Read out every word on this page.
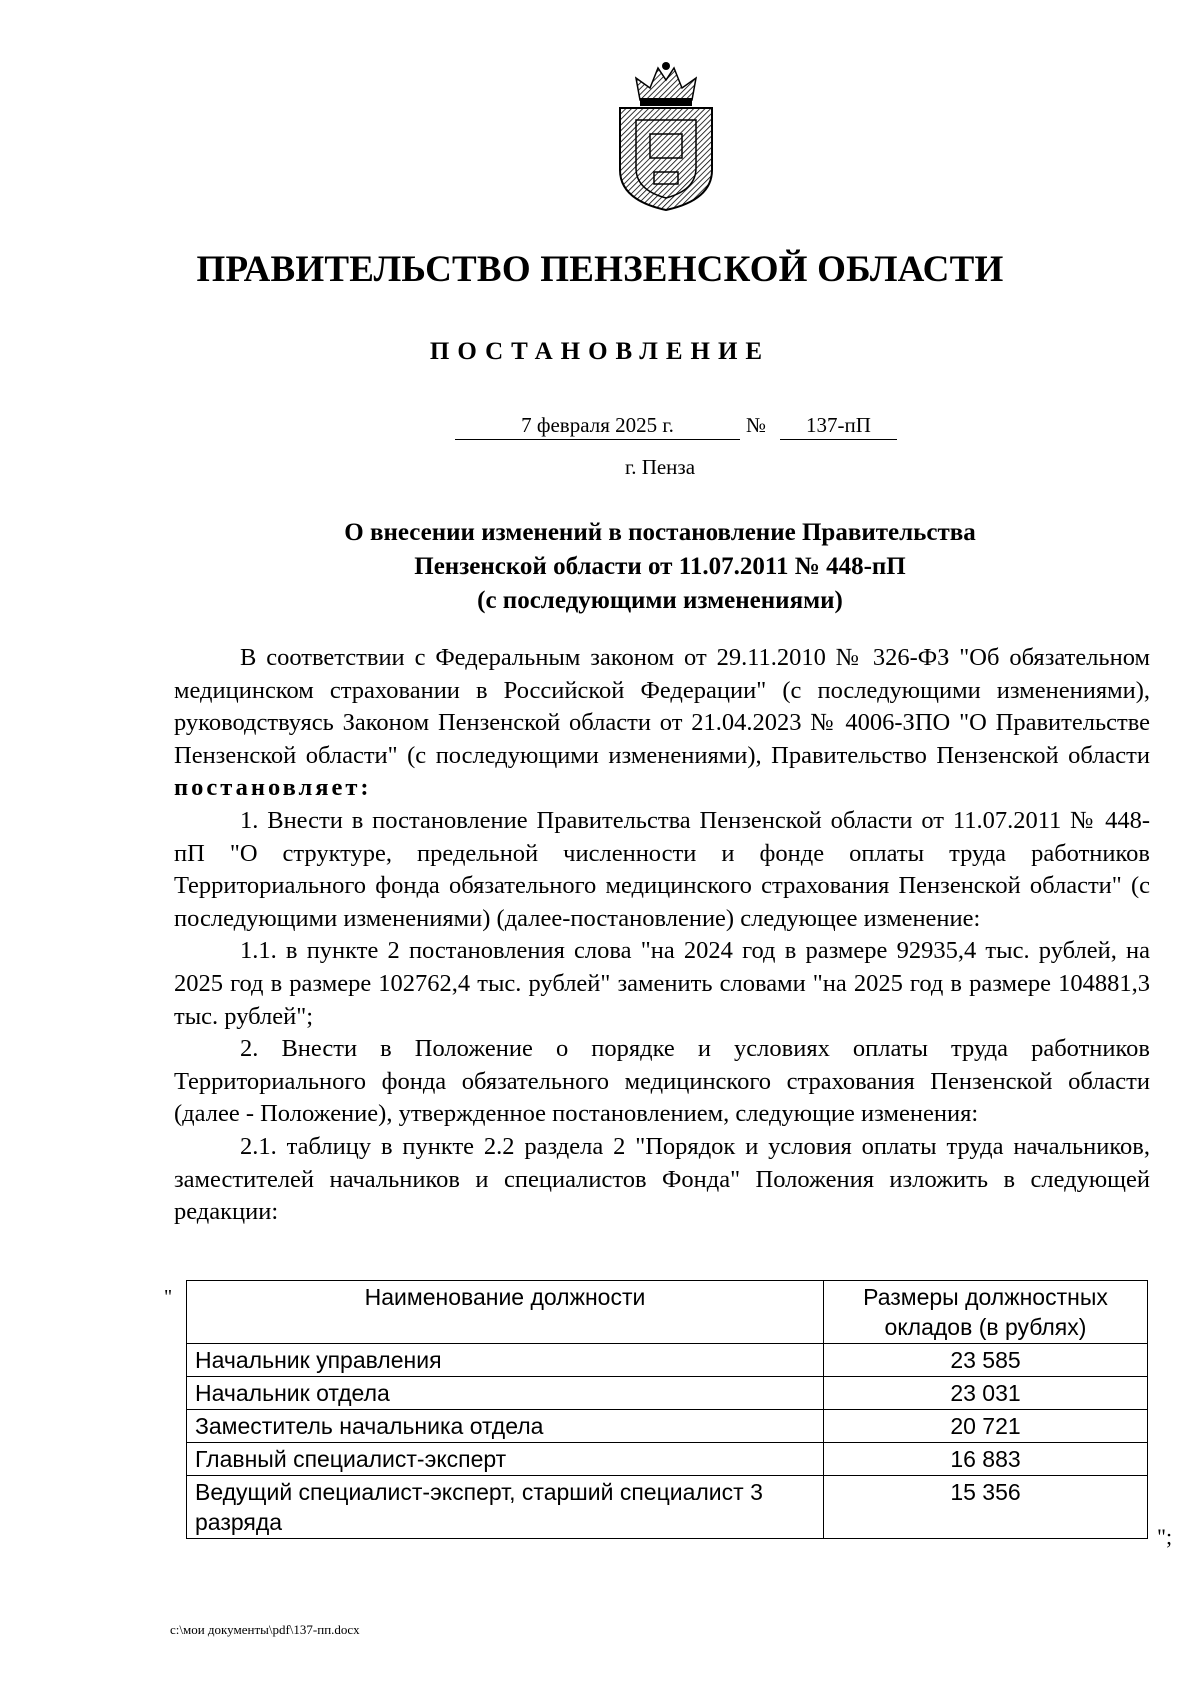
ПРАВИТЕЛЬСТВО ПЕНЗЕНСКОЙ ОБЛАСТИ
ПОСТАНОВЛЕНИЕ
7 февраля 2025 г.	№	137-пП
г. Пенза
О внесении изменений в постановление Правительства
Пензенской области от 11.07.2011 № 448-пП
(с последующими изменениями)

В соответствии с Федеральным законом от 29.11.2010 № 326-ФЗ "Об обязательном медицинском страховании в Российской Федерации" (с последующими изменениями), руководствуясь Законом Пензенской области от 21.04.2023 № 4006-ЗПО "О Правительстве Пензенской области" (с последующими изменениями), Правительство Пензенской области постановляет:

1. Внести в постановление Правительства Пензенской области от 11.07.2011 № 448-пП "О структуре, предельной численности и фонде оплаты труда работников Территориального фонда обязательного медицинского страхования Пензенской области" (с последующими изменениями) (далее-постановление) следующее изменение:

1.1. в пункте 2 постановления слова "на 2024 год в размере 92935,4 тыс. рублей, на 2025 год в размере 102762,4 тыс. рублей" заменить словами "на 2025 год в размере 104881,3 тыс. рублей";

2. Внести в Положение о порядке и условиях оплаты труда работников Территориального фонда обязательного медицинского страхования Пензенской области (далее - Положение), утвержденное постановлением, следующие изменения:

2.1. таблицу в пункте 2.2 раздела 2 "Порядок и условия оплаты труда начальников, заместителей начальников и специалистов Фонда" Положения изложить в следующей редакции:

"	Наименование должности	Размеры должностных окладов (в рублях)
Начальник управления	23 585
Начальник отдела	23 031
Заместитель начальника отдела	20 721
Главный специалист-эксперт	16 883
Ведущий специалист-эксперт, старший специалист 3 разряда	15 356
";
c:\мои документы\pdf\137-пп.docx
